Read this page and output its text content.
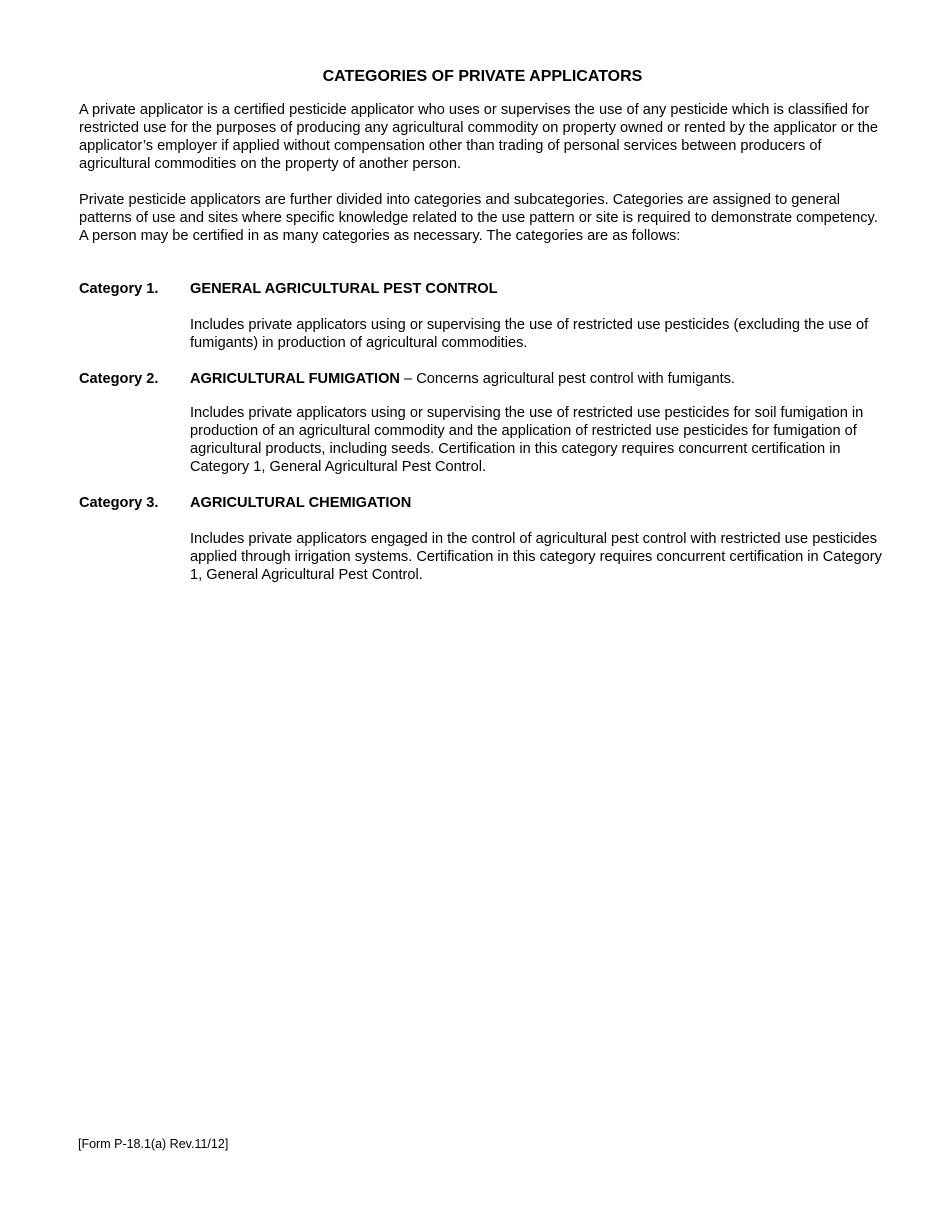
CATEGORIES OF PRIVATE APPLICATORS

A private applicator is a certified pesticide applicator who uses or supervises the use of any pesticide which is classified for restricted use for the purposes of producing any agricultural commodity on property owned or rented by the applicator or the applicator’s employer if applied without compensation other than trading of personal services between producers of agricultural commodities on the property of another person.

Private pesticide applicators are further divided into categories and subcategories. Categories are assigned to general patterns of use and sites where specific knowledge related to the use pattern or site is required to demonstrate competency. A person may be certified in as many categories as necessary. The categories are as follows:

Category 1. GENERAL AGRICULTURAL PEST CONTROL

Includes private applicators using or supervising the use of restricted use pesticides (excluding the use of fumigants) in production of agricultural commodities.

Category 2. AGRICULTURAL FUMIGATION – Concerns agricultural pest control with fumigants.

Includes private applicators using or supervising the use of restricted use pesticides for soil fumigation in production of an agricultural commodity and the application of restricted use pesticides for fumigation of agricultural products, including seeds. Certification in this category requires concurrent certification in Category 1, General Agricultural Pest Control.

Category 3. AGRICULTURAL CHEMIGATION

Includes private applicators engaged in the control of agricultural pest control with restricted use pesticides applied through irrigation systems. Certification in this category requires concurrent certification in Category 1, General Agricultural Pest Control.

[Form P-18.1(a) Rev.11/12]
